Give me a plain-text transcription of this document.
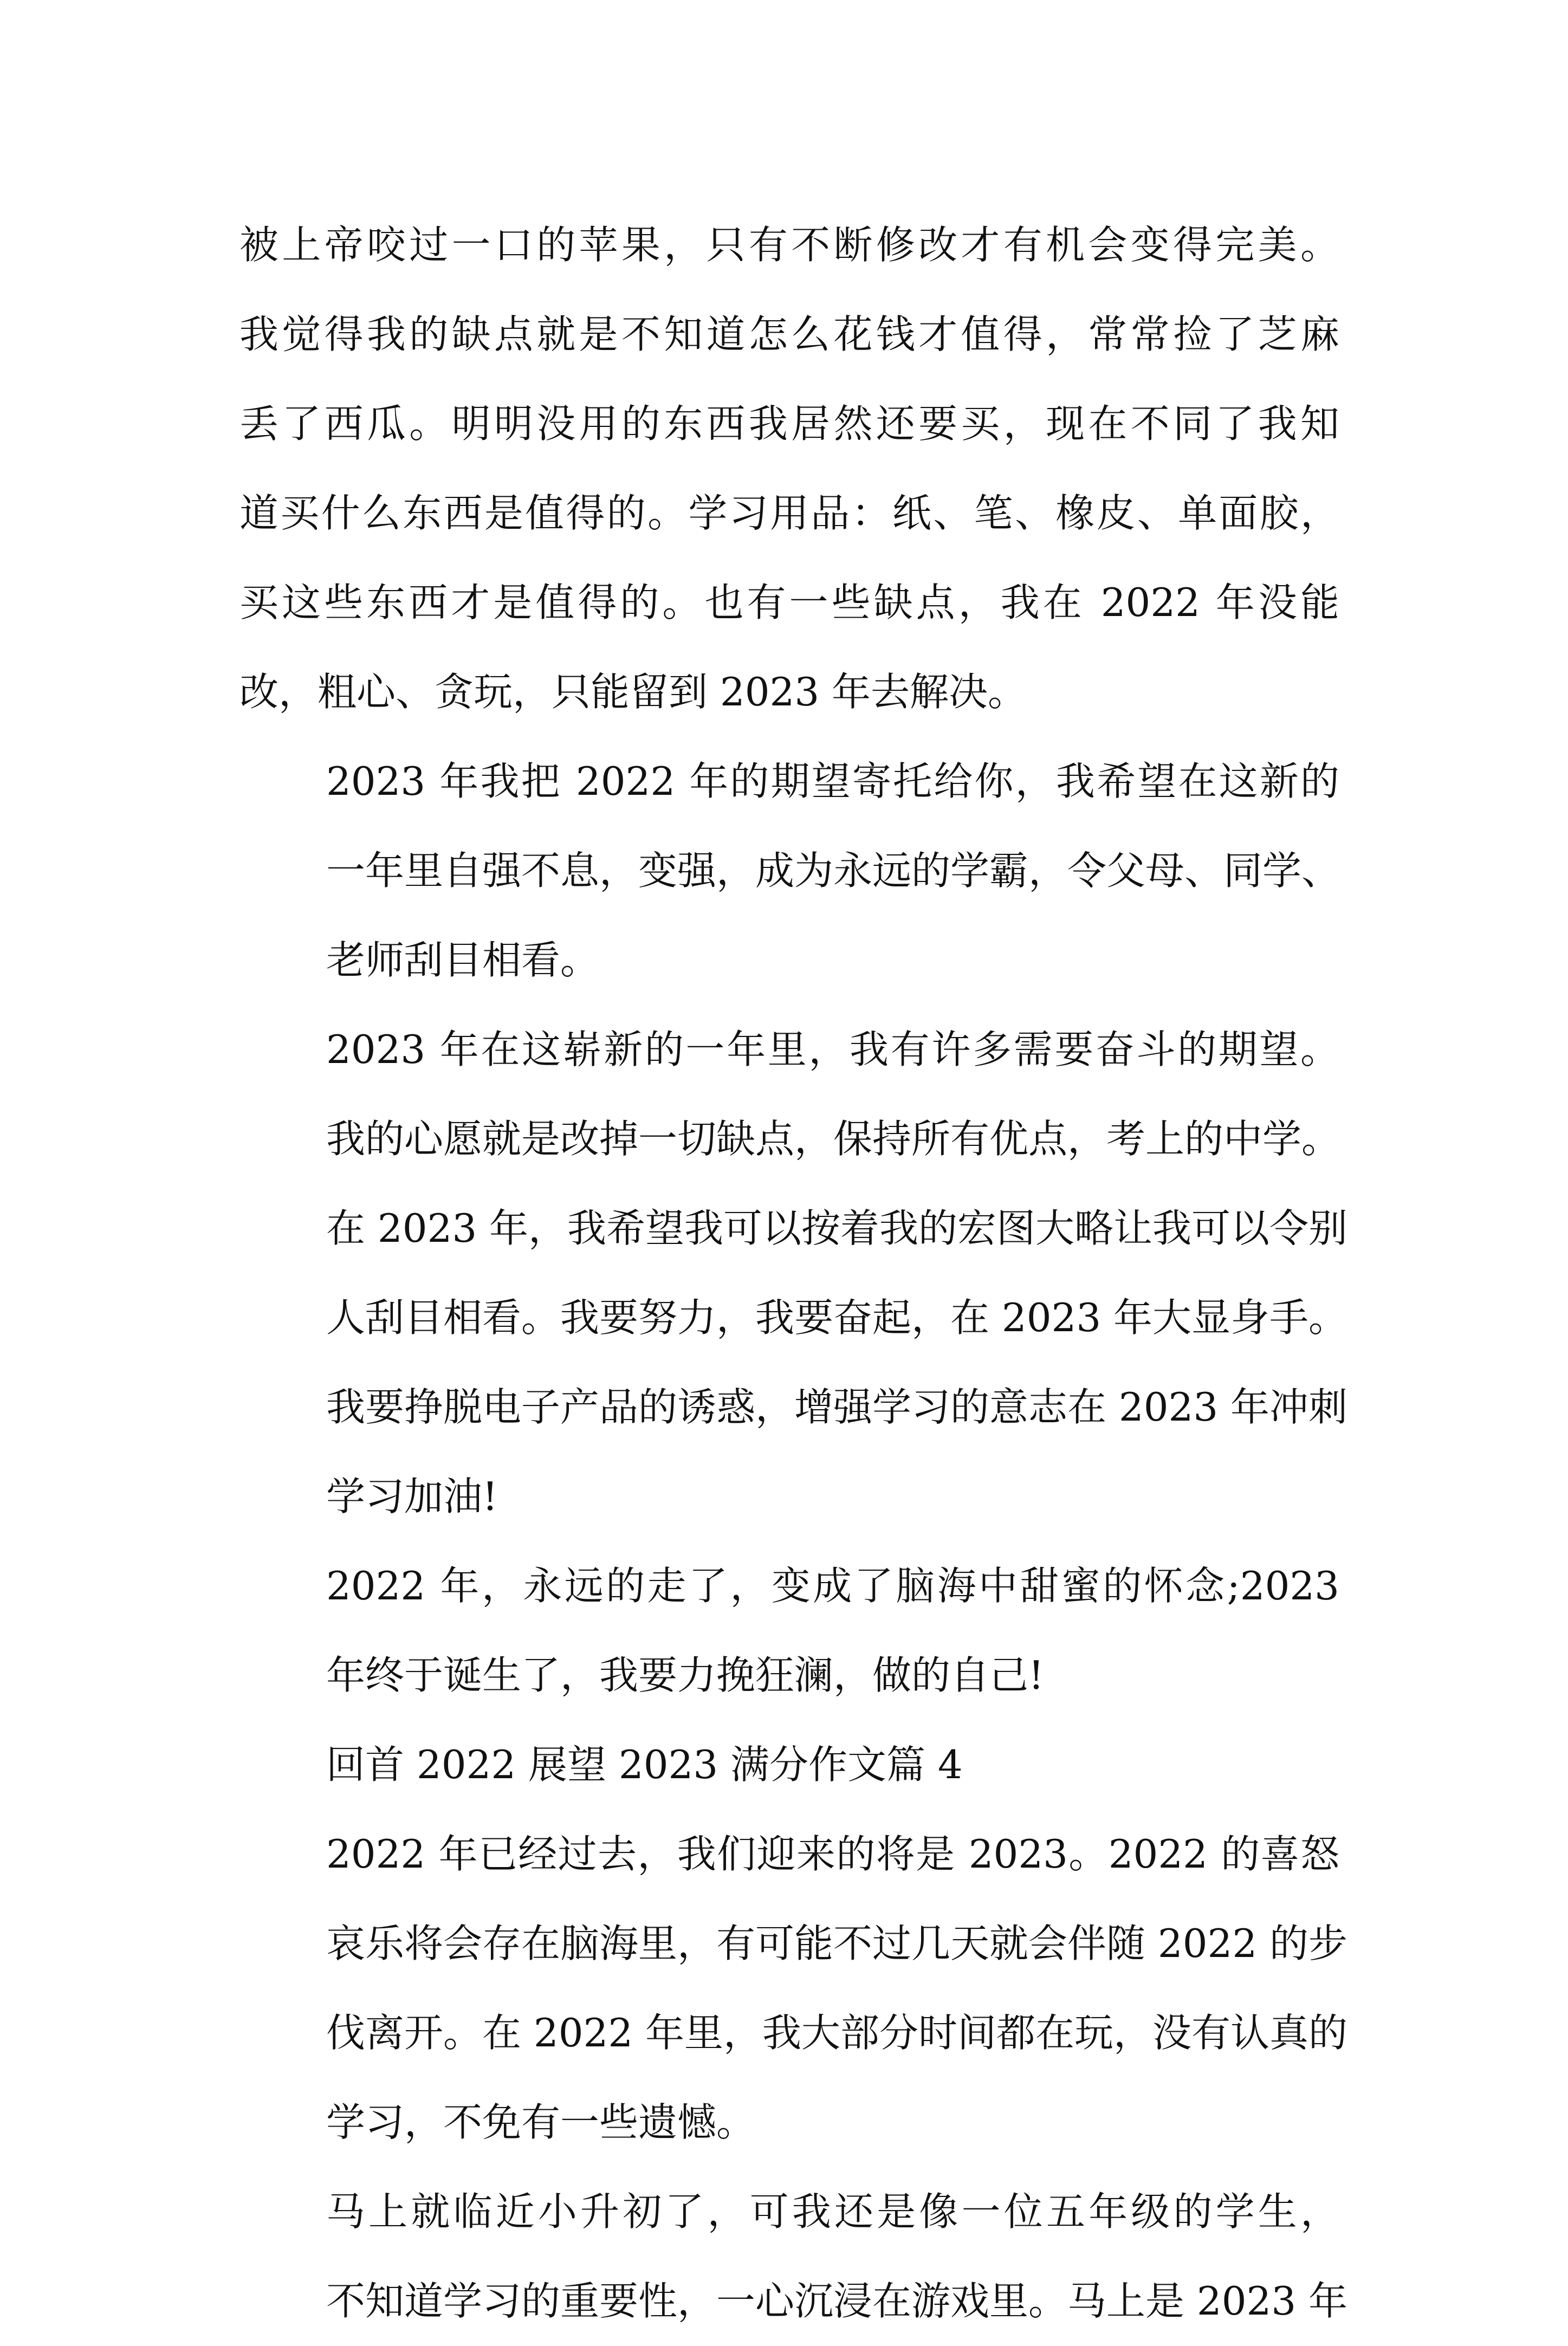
被上帝咬过一口的苹果，只有不断修改才有机会变得完美。
我觉得我的缺点就是不知道怎么花钱才值得，常常捡了芝麻
丢了西瓜。明明没用的东西我居然还要买，现在不同了我知
道买什么东西是值得的。学习用品：纸、笔、橡皮、单面胶，
买这些东西才是值得的。也有一些缺点，我在 2022 年没能
改，粗心、贪玩，只能留到 2023 年去解决。
2023 年我把 2022 年的期望寄托给你，我希望在这新的
一年里自强不息，变强，成为永远的学霸，令父母、同学、
老师刮目相看。
2023 年在这崭新的一年里，我有许多需要奋斗的期望。
我的心愿就是改掉一切缺点，保持所有优点，考上的中学。
在 2023 年，我希望我可以按着我的宏图大略让我可以令别
人刮目相看。我要努力，我要奋起，在 2023 年大显身手。
我要挣脱电子产品的诱惑，增强学习的意志在 2023 年冲刺
学习加油!
2022 年，永远的走了，变成了脑海中甜蜜的怀念;2023
年终于诞生了，我要力挽狂澜，做的自己!
回首 2022 展望 2023 满分作文篇 4
2022 年已经过去，我们迎来的将是 2023。2022 的喜怒
哀乐将会存在脑海里，有可能不过几天就会伴随 2022 的步
伐离开。在 2022 年里，我大部分时间都在玩，没有认真的
学习，不免有一些遗憾。
马上就临近小升初了，可我还是像一位五年级的学生，
不知道学习的重要性，一心沉浸在游戏里。马上是 2023 年
